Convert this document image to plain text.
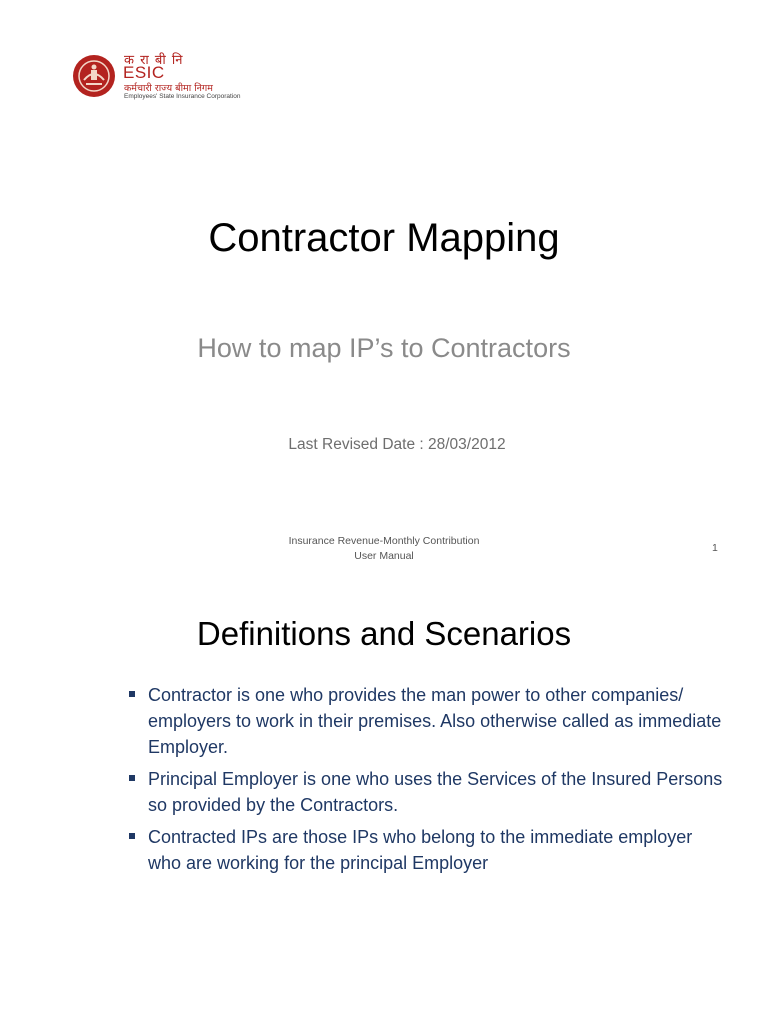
क रा बी नि
ESIC
कर्मचारी राज्य बीमा निगम
Employees' State Insurance Corporation
Contractor Mapping
How to map IP’s to Contractors
Last Revised Date : 28/03/2012
Insurance Revenue-Monthly Contribution
User Manual
1
Definitions and Scenarios
Contractor is one who provides the man power to other companies/ employers to work in their premises. Also otherwise called as immediate Employer.
Principal Employer is one who uses the Services of the Insured Persons so provided by the Contractors.
Contracted IPs are those IPs who belong to the immediate employer who are working for the principal Employer
